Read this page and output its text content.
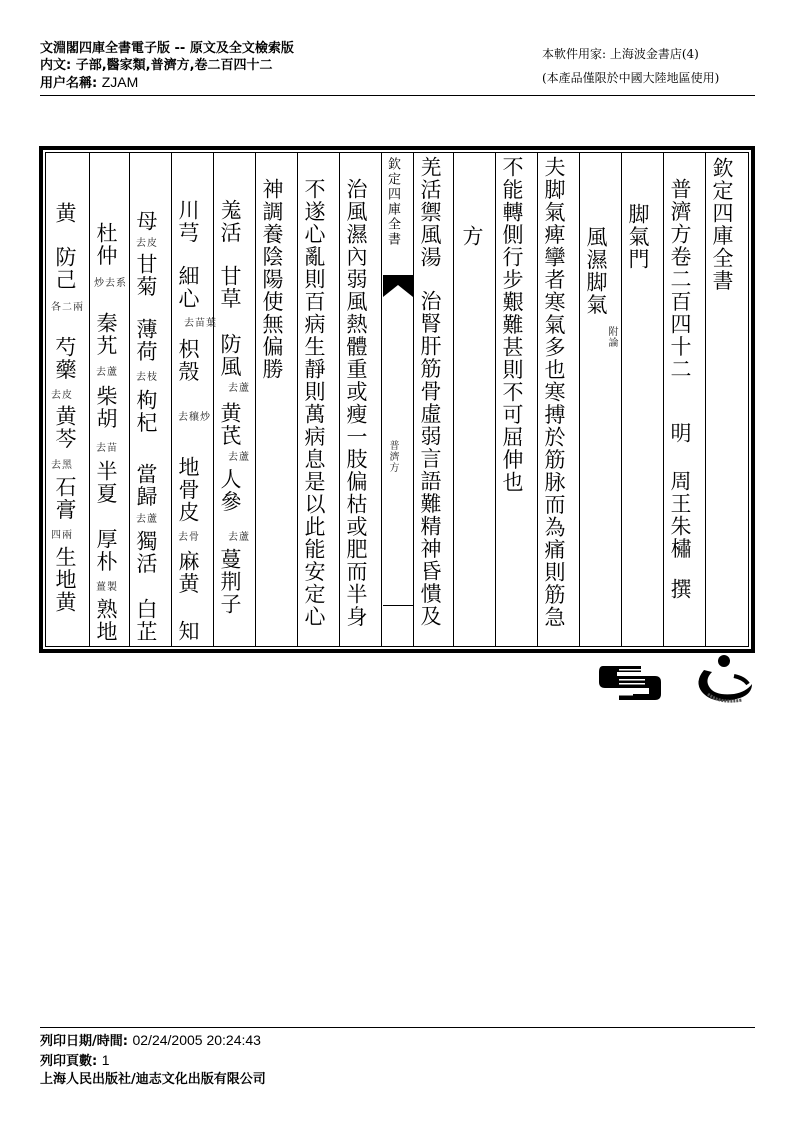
文淵閣四庫全書電子版 -- 原文及全文檢索版
内文: 子部,醫家類,普濟方,卷二百四十二
用户名稱: ZJAM
本軟件用家: 上海波金書店(4)
(本產品僅限於中國大陸地區使用)
欽定四庫全書
普濟方卷二百四十二
明
周王朱橚
撰
脚氣門
風濕脚氣
附論
夫脚氣痺攣者寒氣多也寒搏於筋脉而為痛則筋急
不能轉側行步艱難甚則不可屈伸也
方
羌活禦風湯
治腎肝筋骨虛弱言語難精神昏憒及
欽定四庫全書
普濟方
治風濕內弱風熱體重或瘦一肢偏枯或肥而半身
不遂心亂則百病生靜則萬病息是以此能安定心
神調養陰陽使無偏勝
羗活
甘草
防風
去蘆
黄芪
去蘆
人參
去蘆
蔓荆子
川芎
細心
去苗葉
枳殼
去穰炒
地骨皮
去骨
麻黄
知
母
去皮
甘菊
薄荷
去枝
枸杞
當歸
去蘆
獨活
白芷
杜仲
炒去系
秦艽
去蘆
柴胡
去苗
半夏
厚朴
薑製
熟地
黄
防己
各二兩
芍藥
去皮
黄芩
去黑
石膏
四兩
生地黄
列印日期/時間: 02/24/2005 20:24:43
列印頁數: 1
上海人民出版社/迪志文化出版有限公司
